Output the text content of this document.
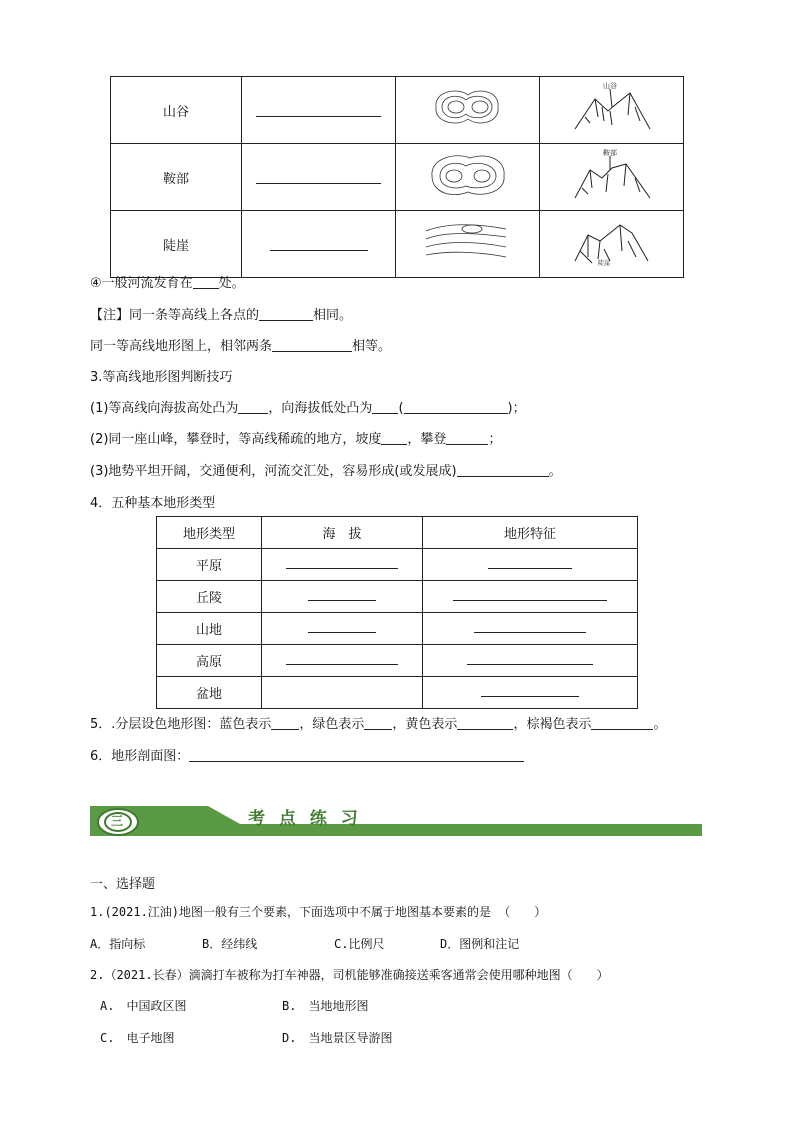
山谷			山谷

鞍部			鞍部

陡崖			陡崖
④一般河流发育在 处。
【注】同一条等高线上各点的	相同。
同一等高线地形图上，相邻两条	相等。
3.等高线地形图判断技巧
(1)等高线向海拔高处凸为 ，向海拔低处凸为 (	)；
(2)同一座山峰，攀登时，等高线稀疏的地方，坡度 ，攀登	；
(3)地势平坦开阔，交通便利，河流交汇处，容易形成(或发展成)	。
4．五种基本地形类型
地形类型	海　拔	地形特征
平原	

丘陵	

山地	

高原	

盆地		
5．.分层设色地形图：蓝色表示 ，绿色表示 ，黄色表示	，棕褐色表示	。
6．地形剖面图：
三	考 点 练 习
一、选择题
1.(2021.江油)地图一般有三个要素，下面选项中不属于地图基本要素的是 （　　）
A．指向标	B．经纬线	C.比例尺	D．图例和注记
2.（2021.长春）滴滴打车被称为打车神器，司机能够准确接送乘客通常会使用哪种地图（　　）
A.　中国政区图	B.　当地地形图
C.　电子地图	D.　当地景区导游图
